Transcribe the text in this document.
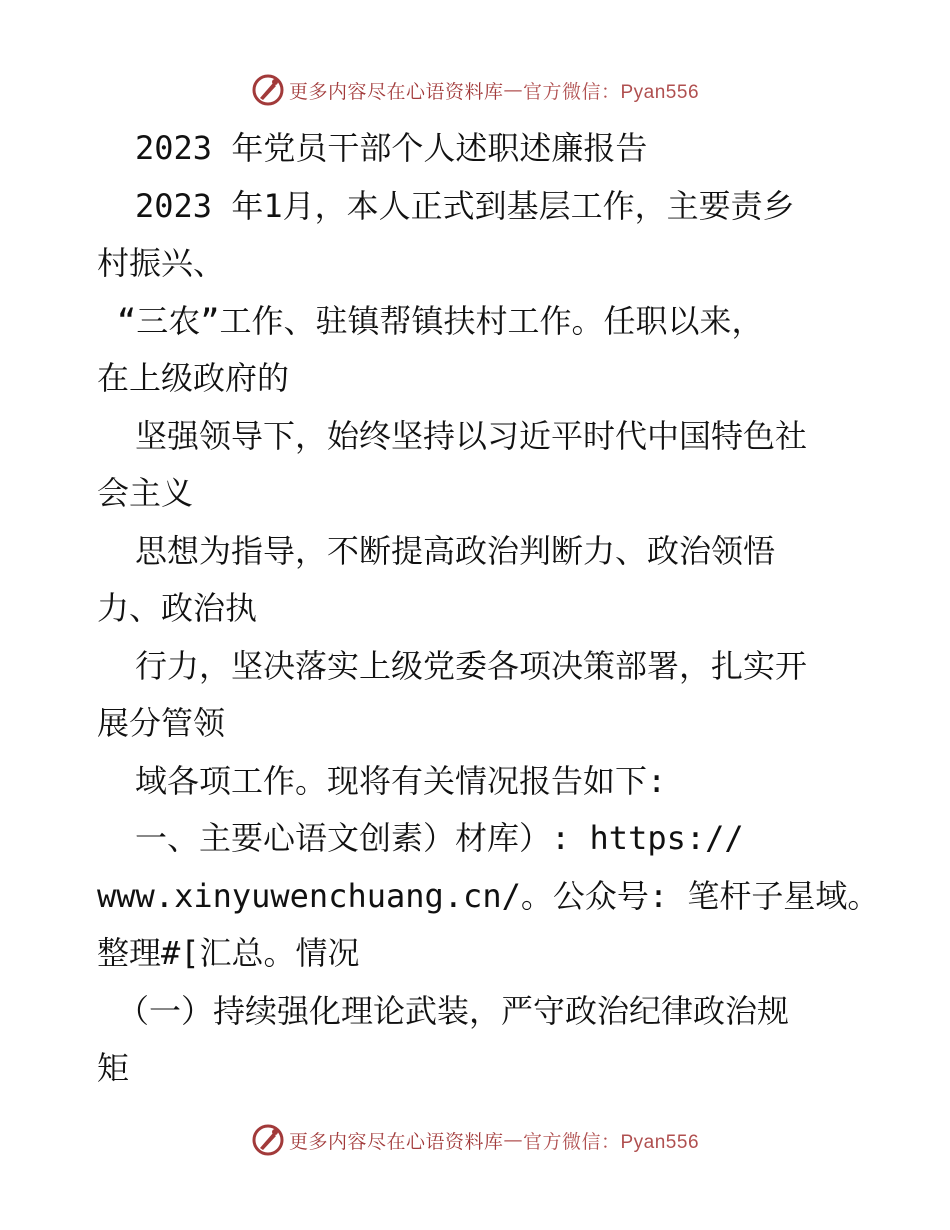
更多内容尽在心语资料库 — 官方微信：Pyan556
2023 年党员干部个人述职述廉报告
2023 年1月，本人正式到基层工作，主要责乡
村振兴、
“三农”工作、驻镇帮镇扶村工作。任职以来，
在上级政府的
坚强领导下，始终坚持以习近平时代中国特色社
会主义
思想为指导，不断提高政治判断力、政治领悟
力、政治执
行力，坚决落实上级党委各项决策部署，扎实开
展分管领
域各项工作。现将有关情况报告如下:
一、主要心语文创素）材库）: https://
www.xinyuwenchuang.cn/。公众号: 笔杆子星域。
整理#[汇总。情况
（一）持续强化理论武装，严守政治纪律政治规
矩
更多内容尽在心语资料库 — 官方微信：Pyan556
